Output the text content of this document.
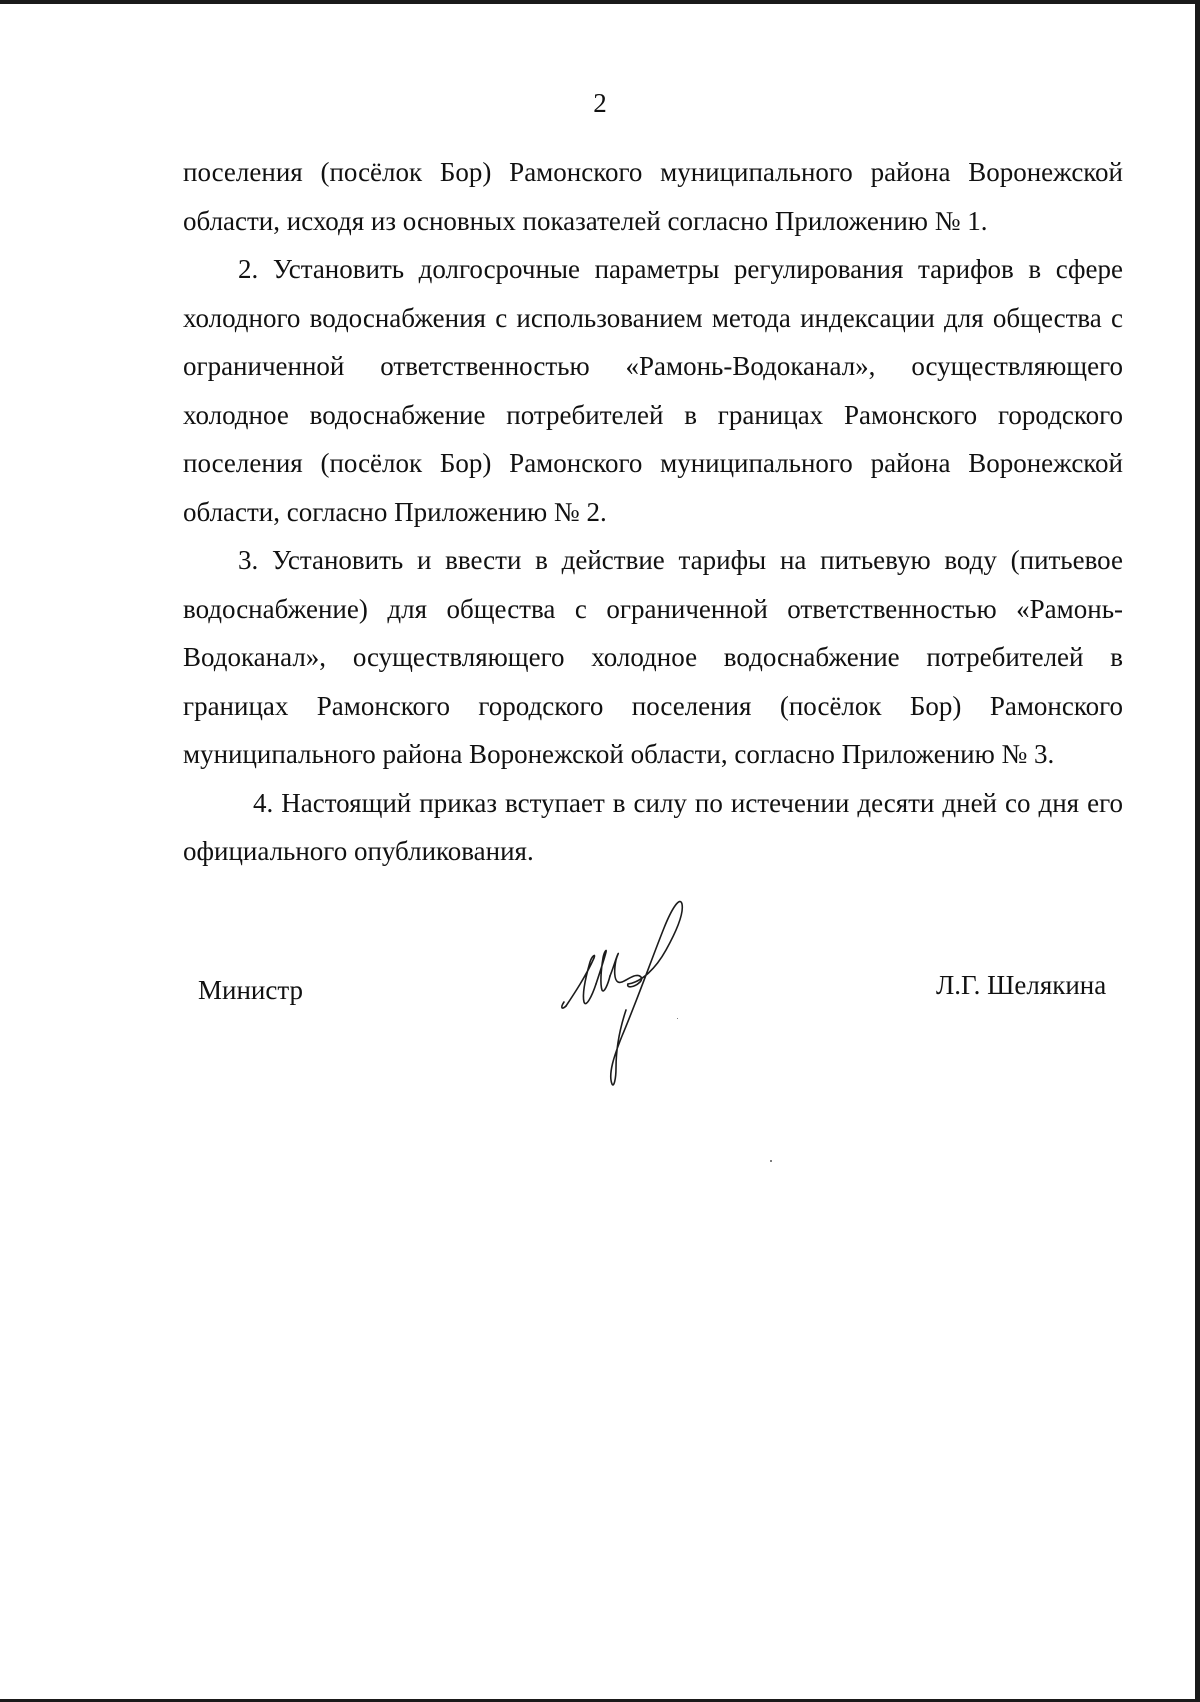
2

поселения (посёлок Бор) Рамонского муниципального района Воронежской области, исходя из основных показателей согласно Приложению № 1.

2. Установить долгосрочные параметры регулирования тарифов в сфере холодного водоснабжения с использованием метода индексации для общества с ограниченной ответственностью «Рамонь-Водоканал», осуществляющего холодное водоснабжение потребителей в границах Рамонского городского поселения (посёлок Бор) Рамонского муниципального района Воронежской области, согласно Приложению № 2.

3. Установить и ввести в действие тарифы на питьевую воду (питьевое водоснабжение) для общества с ограниченной ответственностью «Рамонь-Водоканал», осуществляющего холодное водоснабжение потребителей в границах Рамонского городского поселения (посёлок Бор) Рамонского муниципального района Воронежской области, согласно Приложению № 3.

4. Настоящий приказ вступает в силу по истечении десяти дней со дня его официального опубликования.

Министр	Л.Г. Шелякина
